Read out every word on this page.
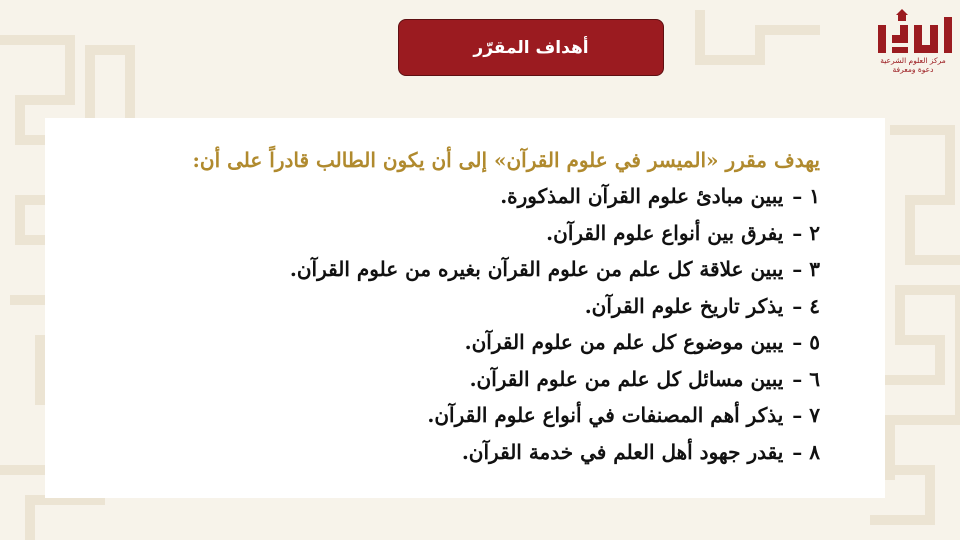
أهداف المقرّر
مركز العلوم الشرعية
دعوة ومعرفة
يهدف مقرر «الميسر في علوم القرآن» إلى أن يكون الطالب قادراً على أن:
١ – يبين مبادئ علوم القرآن المذكورة.
٢ – يفرق بين أنواع علوم القرآن.
٣ – يبين علاقة كل علم من علوم القرآن بغيره من علوم القرآن.
٤ – يذكر تاريخ علوم القرآن.
٥ – يبين موضوع كل علم من علوم القرآن.
٦ – يبين مسائل كل علم من علوم القرآن.
٧ – يذكر أهم المصنفات في أنواع علوم القرآن.
٨ – يقدر جهود أهل العلم في خدمة القرآن.
